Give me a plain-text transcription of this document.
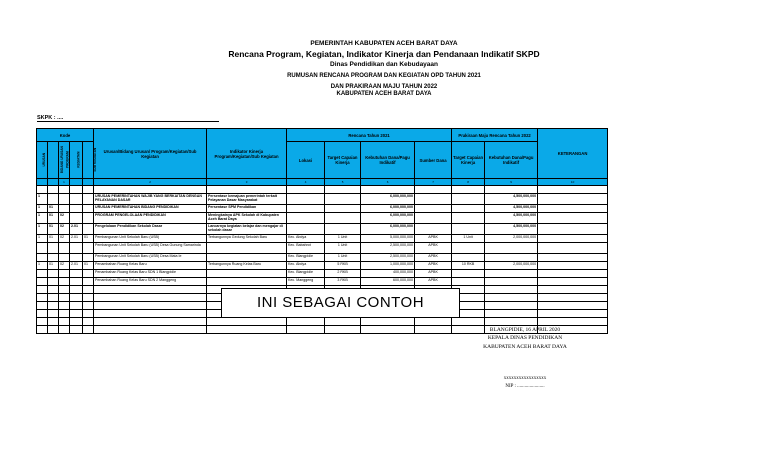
PEMERINTAH KABUPATEN ACEH BARAT DAYA
Rencana Program, Kegiatan, Indikator Kinerja dan Pendanaan Indikatif SKPD
Dinas Pendidikan dan Kebudayaan
RUMUSAN RENCANA PROGRAM DAN KEGIATAN OPD TAHUN 2021
DAN PRAKIRAAN MAJU TAHUN 2022
KABUPATEN ACEH BARAT DAYA
SKPK : ....
Kode					Urusan/Bidang Urusan/ Program/Kegiatan/Sub Kegiatan	Indikator Kinerja Program/Kegiatan/Sub Kegiatan	Rencana Tahun 2021				Prakiraan Maju Rencana Tahun 2022		KETERANGAN
URUSAN	BIDANG URUSAN	PROGRAM	KEGIATAN	SUB KEGIATAN			Lokasi	Target Capaian Kinerja	Kebutuhan Dana/Pagu Indikatif	Sumber Dana	Target Capaian Kinerja	Kebutuhan Dana/Pagu Indikatif	
		1			2	3	4	5	6	7	8	9	10

1					URUSAN PEMERINTAHAN WAJIB YANG BERKAITAN DENGAN PELAYANAN DASAR	Persentase kemajuan pemerintah terkait Pelayanan Dasar Masyarakat			6,000,000,000			4,500,000,000	
1	01				URUSAN PEMERINTAHAN BIDANG PENDIDIKAN	Persentase SPM Pendidikan			6,000,000,000			4,500,000,000	
1	01	02			PROGRAM PENGELOLAAN PENDIDIKAN	Meningkatnya APK Sekolah di Kabupaten Aceh Barat Daya			6,000,000,000			4,500,000,000	
1	01	02	2.01		Pengelolaan Pendidikan Sekolah Dasar	Lancarnya kegiatan belajar dan mengajar di sekolah dasar			6,000,000,000			4,500,000,000	
1	01	02	2.01	01	Pembangunan Unit Sekolah Baru (USB)	Terbangunnya Gedung Sekolah Baru	Kec. Abdya	1 Unit	5,000,000,000	APBK	1 Unit	2,000,000,000	
					Pembangunan Unit Sekolah Baru (USB) Desa Gunung Samarinda		Kec. Babahrot	1 Unit	2,500,000,000	APBK			
					Pembangunan Unit Sekolah Baru (USB) Desa Mata Ie		Kec. Blangpidie	1 Unit	2,500,000,000	APBK			
1	01	02	2.01	01	Penambahan Ruang Kelas Baru	Terbangunnya Ruang Kelas Baru	Kec. Abdya	5 RKB	1,000,000,000	APBK	10 RKB	2,000,000,000	
					Penambahan Ruang Kelas Baru SDN 1 Blangpidie		Kec. Blangpidie	2 RKB	400,000,000	APBK			
					Penambahan Ruang Kelas Baru SDN 2 Manggeng		Kec. Manggeng	3 RKB	600,000,000	APBK			

INI SEBAGAI CONTOH
BLANGPIDIE, 16 APRIL 2020
KEPALA DINAS PENDIDIKAN
KABUPATEN ACEH BARAT DAYA
xxxxxxxxxxxxxxxxx
NIP : ......................
